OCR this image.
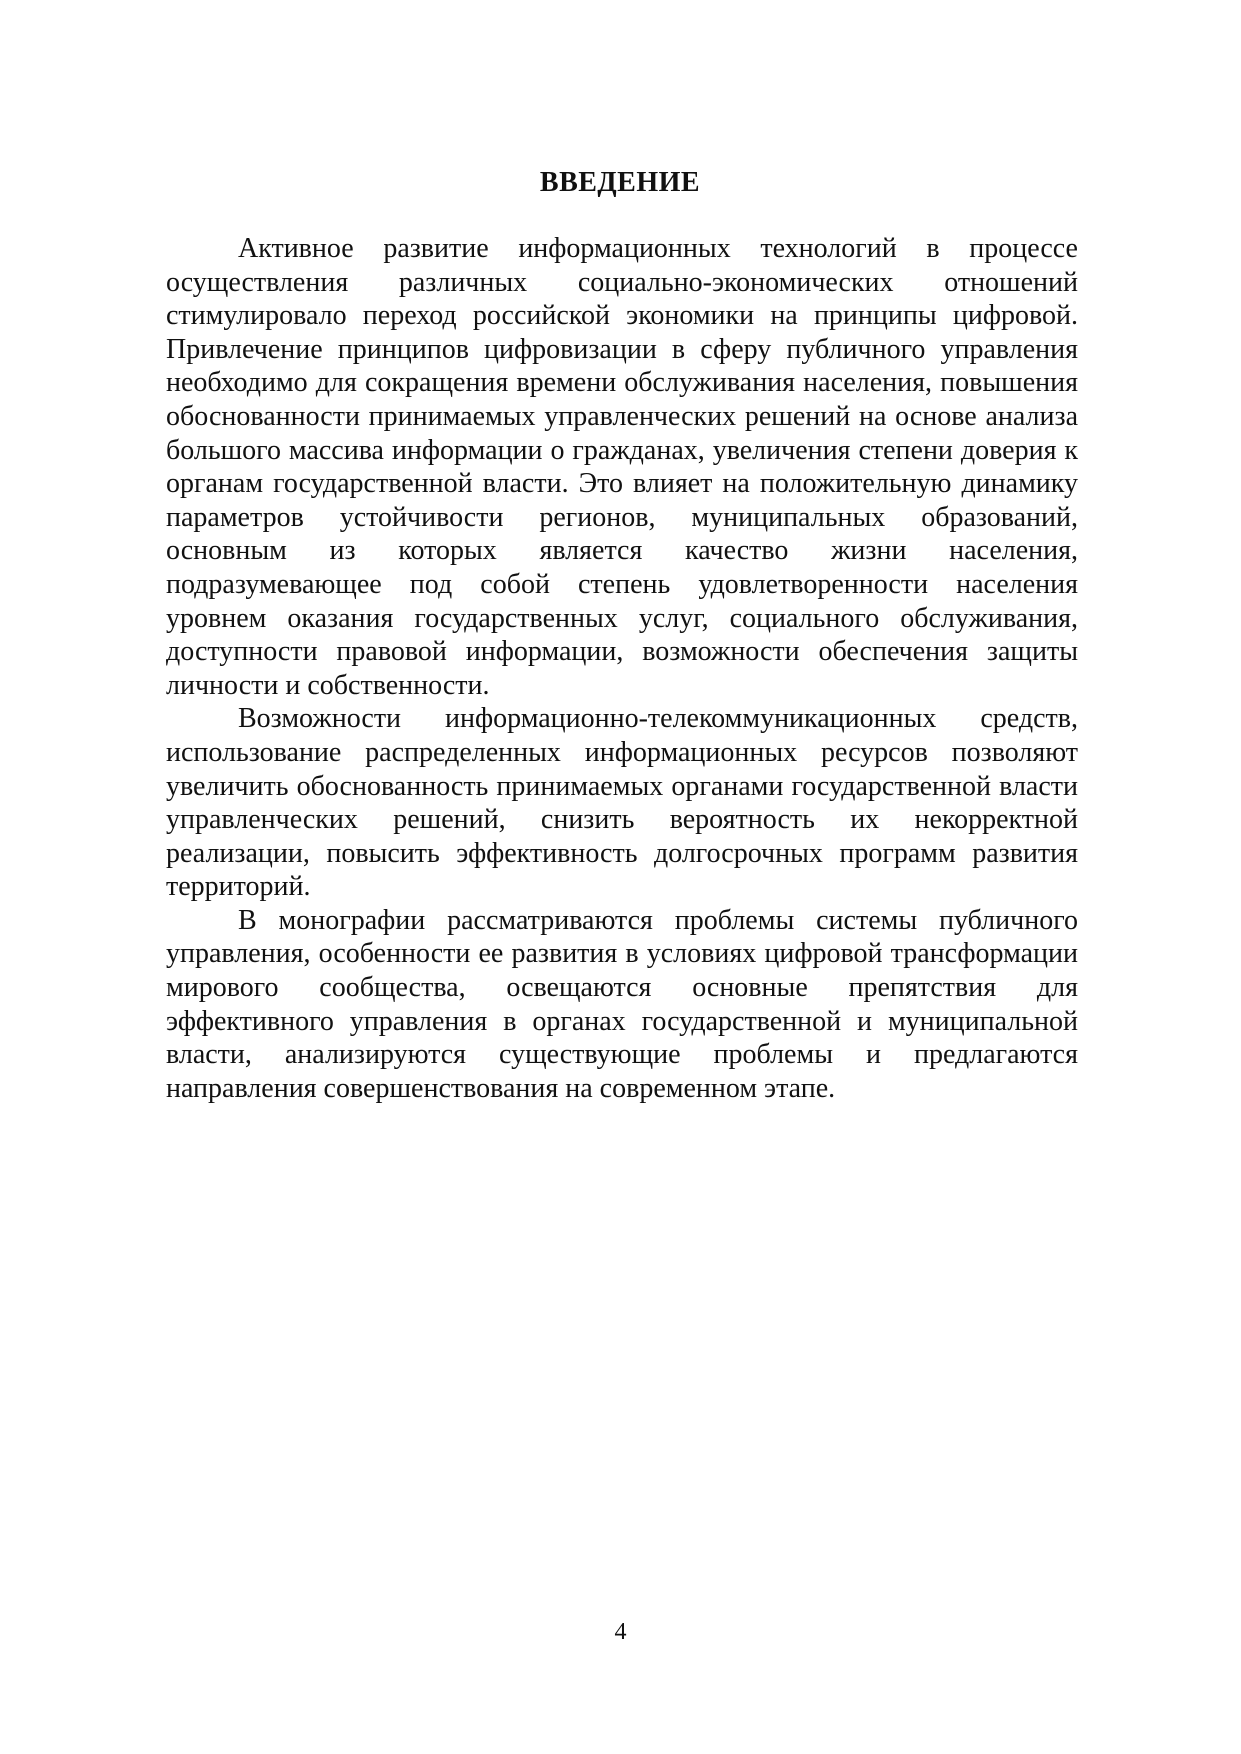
ВВЕДЕНИЕ

Активное развитие информационных технологий в процессе осуществления различных социально-экономических отношений стимулировало переход российской экономики на принципы цифровой. Привлечение принципов цифровизации в сферу публичного управления необходимо для сокращения времени обслуживания населения, повышения обоснованности принимаемых управленческих решений на основе анализа большого массива информации о гражданах, увеличения степени доверия к органам государственной власти. Это влияет на положительную динамику параметров устойчивости регионов, муниципальных образований, основным из которых является качество жизни населения, подразумевающее под собой степень удовлетворенности населения уровнем оказания государственных услуг, социального обслуживания, доступности правовой информации, возможности обеспечения защиты личности и собственности.

Возможности информационно-телекоммуникационных средств, использование распределенных информационных ресурсов позволяют увеличить обоснованность принимаемых органами государственной власти управленческих решений, снизить вероятность их некорректной реализации, повысить эффективность долгосрочных программ развития территорий.

В монографии рассматриваются проблемы системы публичного управления, особенности ее развития в условиях цифровой трансформации мирового сообщества, освещаются основные препятствия для эффективного управления в органах государственной и муниципальной власти, анализируются существующие проблемы и предлагаются направления совершенствования на современном этапе.

4
